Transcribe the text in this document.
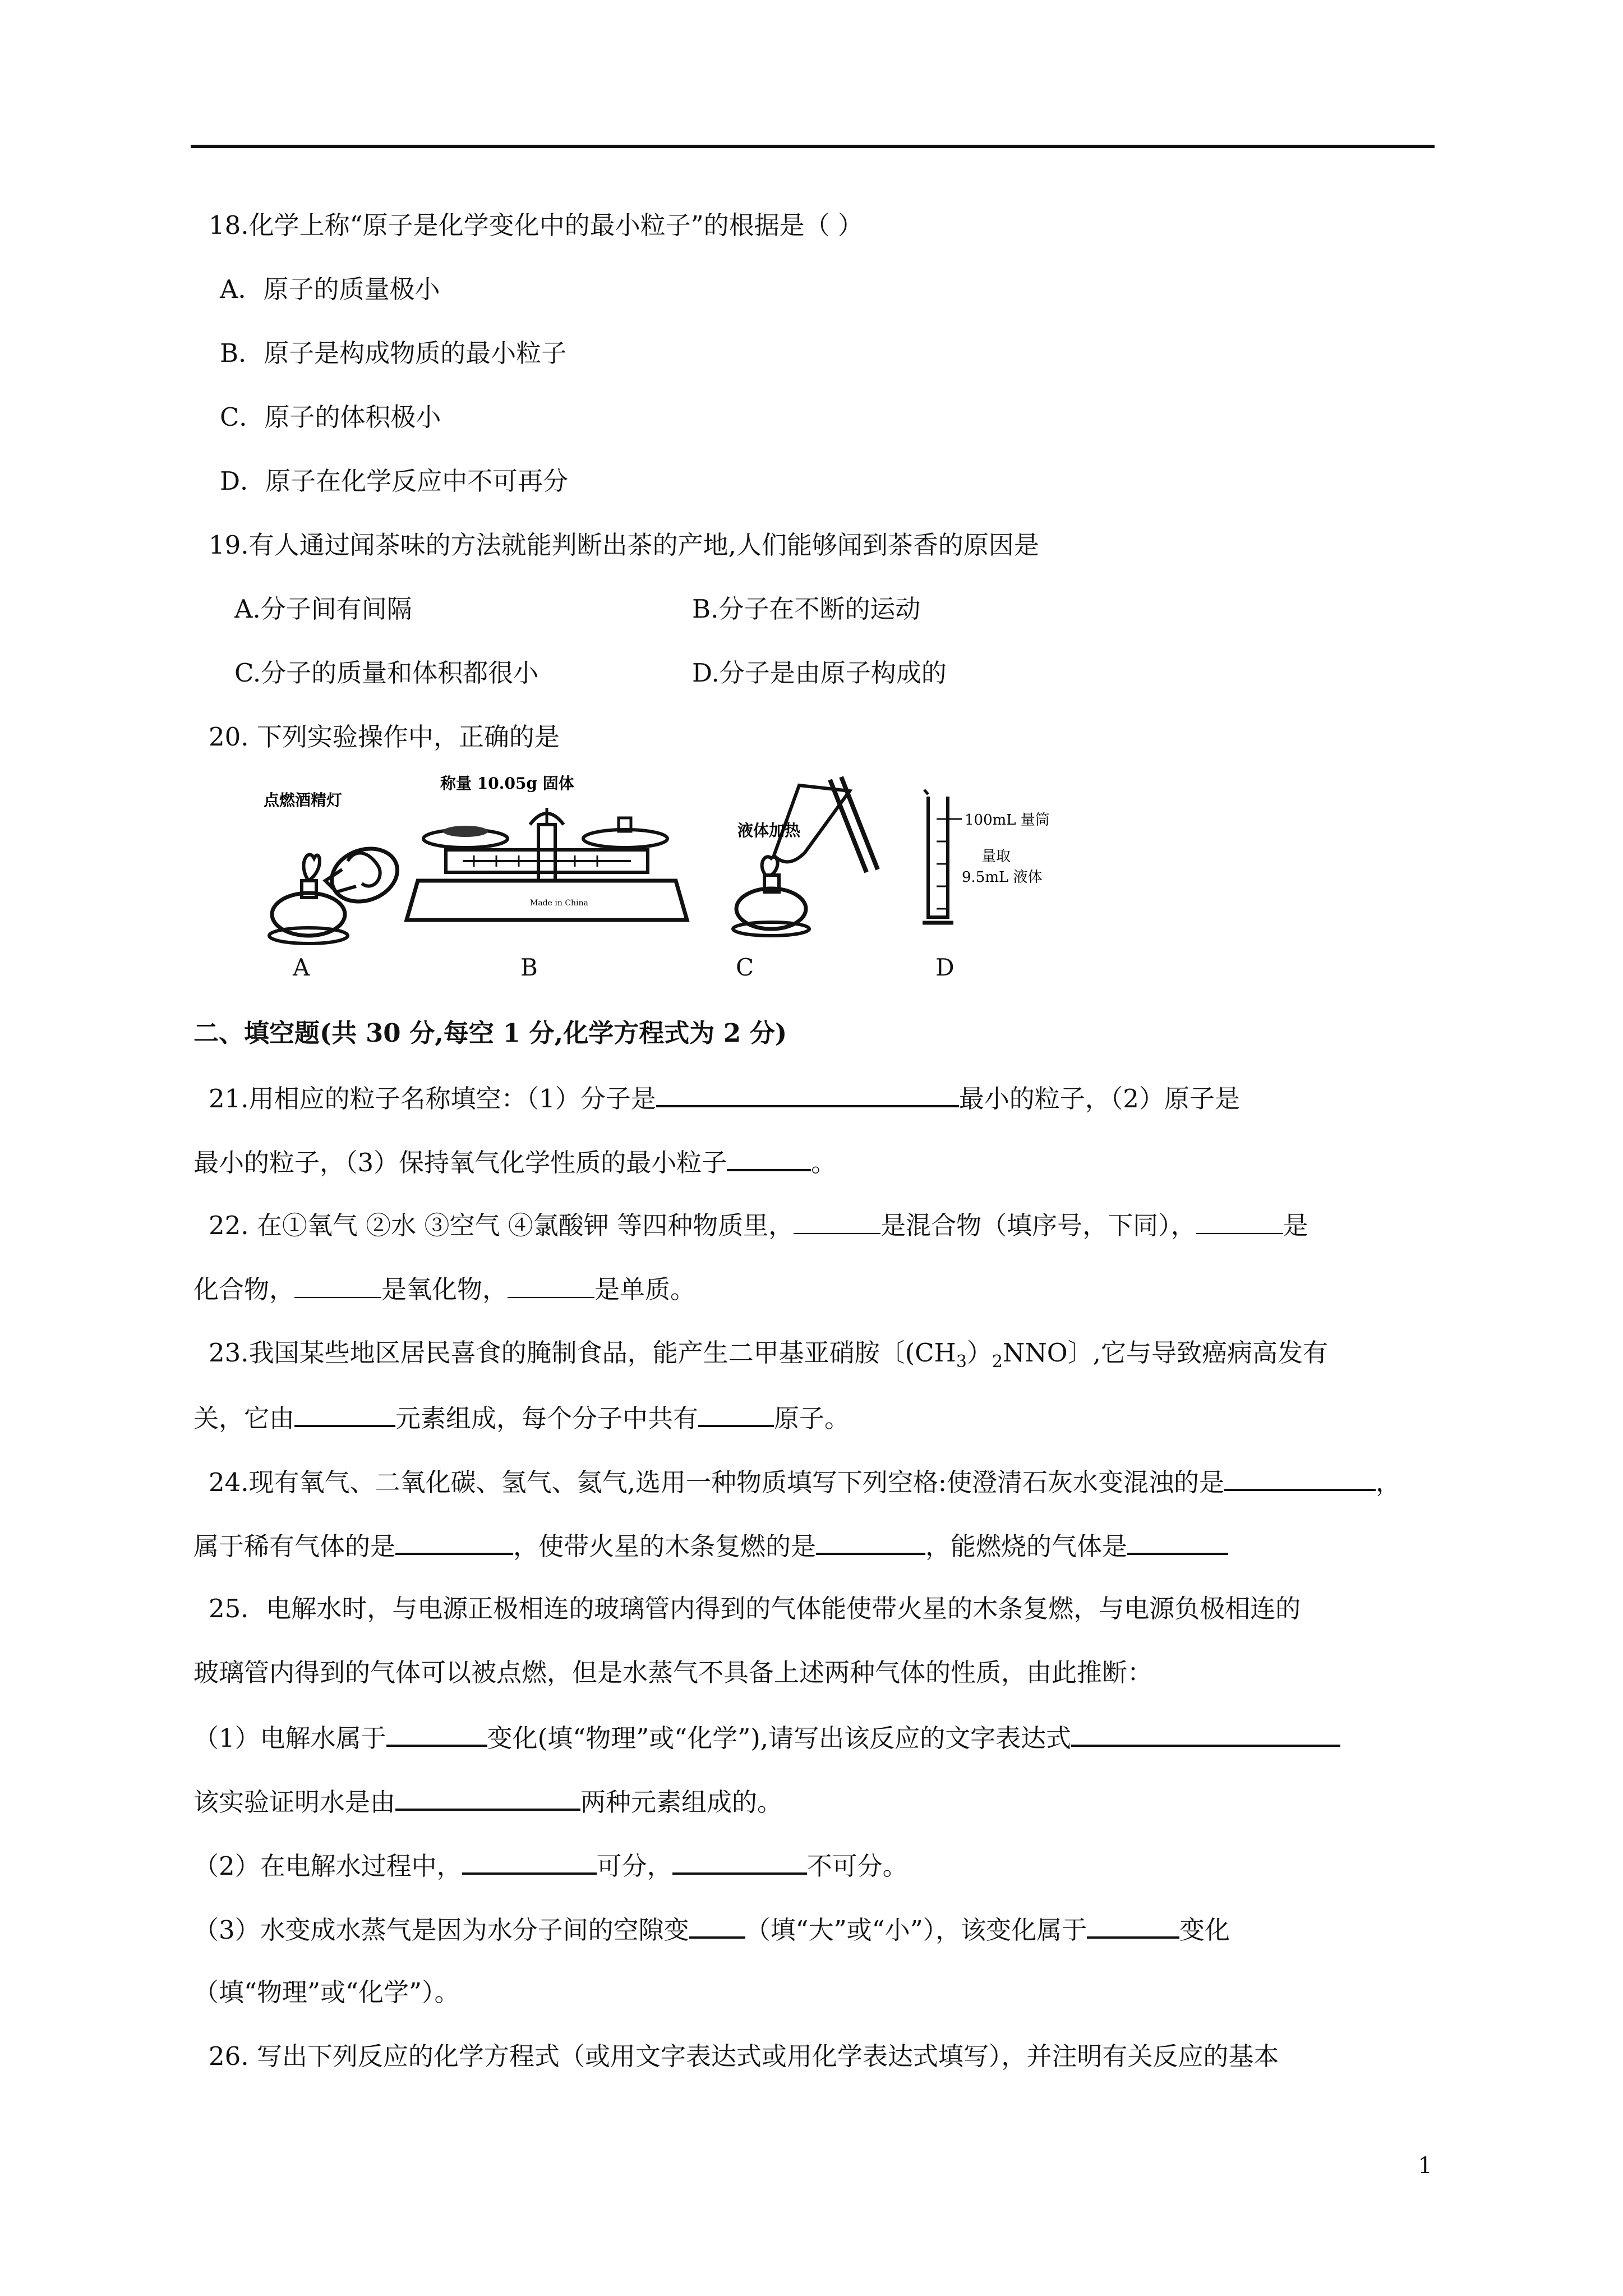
18.化学上称“原子是化学变化中的最小粒子”的根据是（ ）
A．原子的质量极小
B．原子是构成物质的最小粒子
C．原子的体积极小
D．原子在化学反应中不可再分
19.有人通过闻茶味的方法就能判断出茶的产地,人们能够闻到茶香的原因是
A.分子间有间隔	B.分子在不断的运动
C.分子的质量和体积都很小	D.分子是由原子构成的
20. 下列实验操作中，正确的是
点燃酒精灯
A
称量 10.05g 固体
Made in China
B
液体加热
C
100mL 量筒
量取
9.5mL 液体
D
二、填空题(共 30 分,每空 1 分,化学方程式为 2 分)
21.用相应的粒子名称填空：（1）分子是	最小的粒子，（2）原子是
最小的粒子，（3）保持氧气化学性质的最小粒子	。
22. 在①氧气 ②水 ③空气 ④氯酸钾 等四种物质里，	是混合物（填序号，下同），	是
化合物，	是氧化物，	是单质。
23.我国某些地区居民喜食的腌制食品，能产生二甲基亚硝胺〔$(CH_3)_2NNO$〕,它与导致癌病高发有
关，它由	元素组成，每个分子中共有	原子。
24.现有氧气、二氧化碳、氢气、氦气,选用一种物质填写下列空格:使澄清石灰水变混浊的是	，
属于稀有气体的是	，使带火星的木条复燃的是	，能燃烧的气体是
25．电解水时，与电源正极相连的玻璃管内得到的气体能使带火星的木条复燃，与电源负极相连的
玻璃管内得到的气体可以被点燃，但是水蒸气不具备上述两种气体的性质，由此推断：
（1）电解水属于	变化(填“物理”或“化学”),请写出该反应的文字表达式
该实验证明水是由	两种元素组成的。
（2）在电解水过程中，	可分，	不可分。
（3）水变成水蒸气是因为水分子间的空隙变 （填“大”或“小”），该变化属于	变化
（填“物理”或“化学”）。
26. 写出下列反应的化学方程式（或用文字表达式或用化学表达式填写），并注明有关反应的基本
1
